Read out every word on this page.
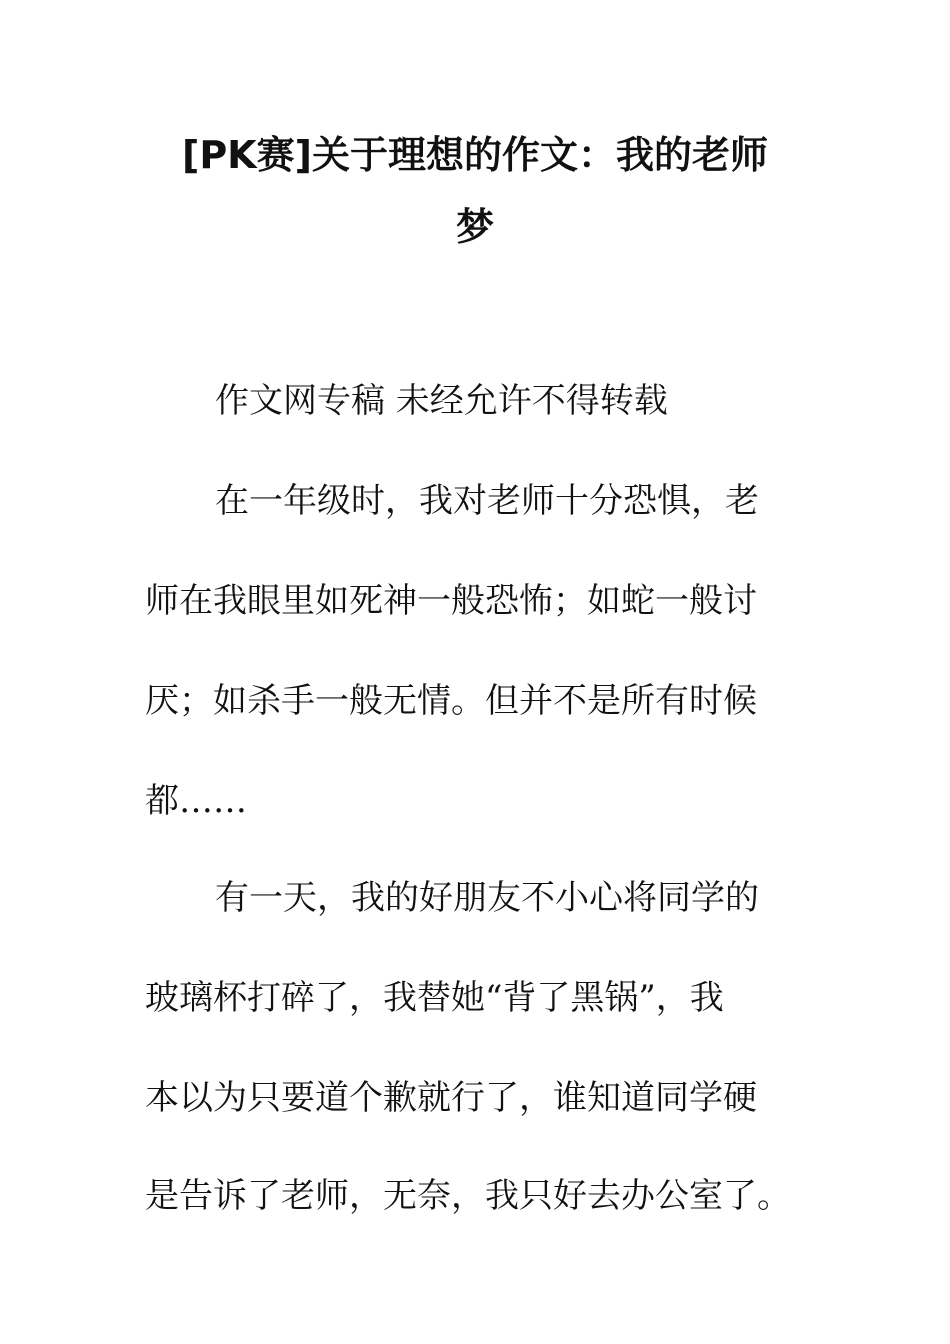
[PK赛]关于理想的作文：我的老师
梦
作文网专稿 未经允许不得转载
在一年级时，我对老师十分恐惧，老
师在我眼里如死神一般恐怖；如蛇一般讨
厌；如杀手一般无情。但并不是所有时候
都……
有一天，我的好朋友不小心将同学的
玻璃杯打碎了，我替她“背了黑锅”，我
本以为只要道个歉就行了，谁知道同学硬
是告诉了老师，无奈，我只好去办公室了。
